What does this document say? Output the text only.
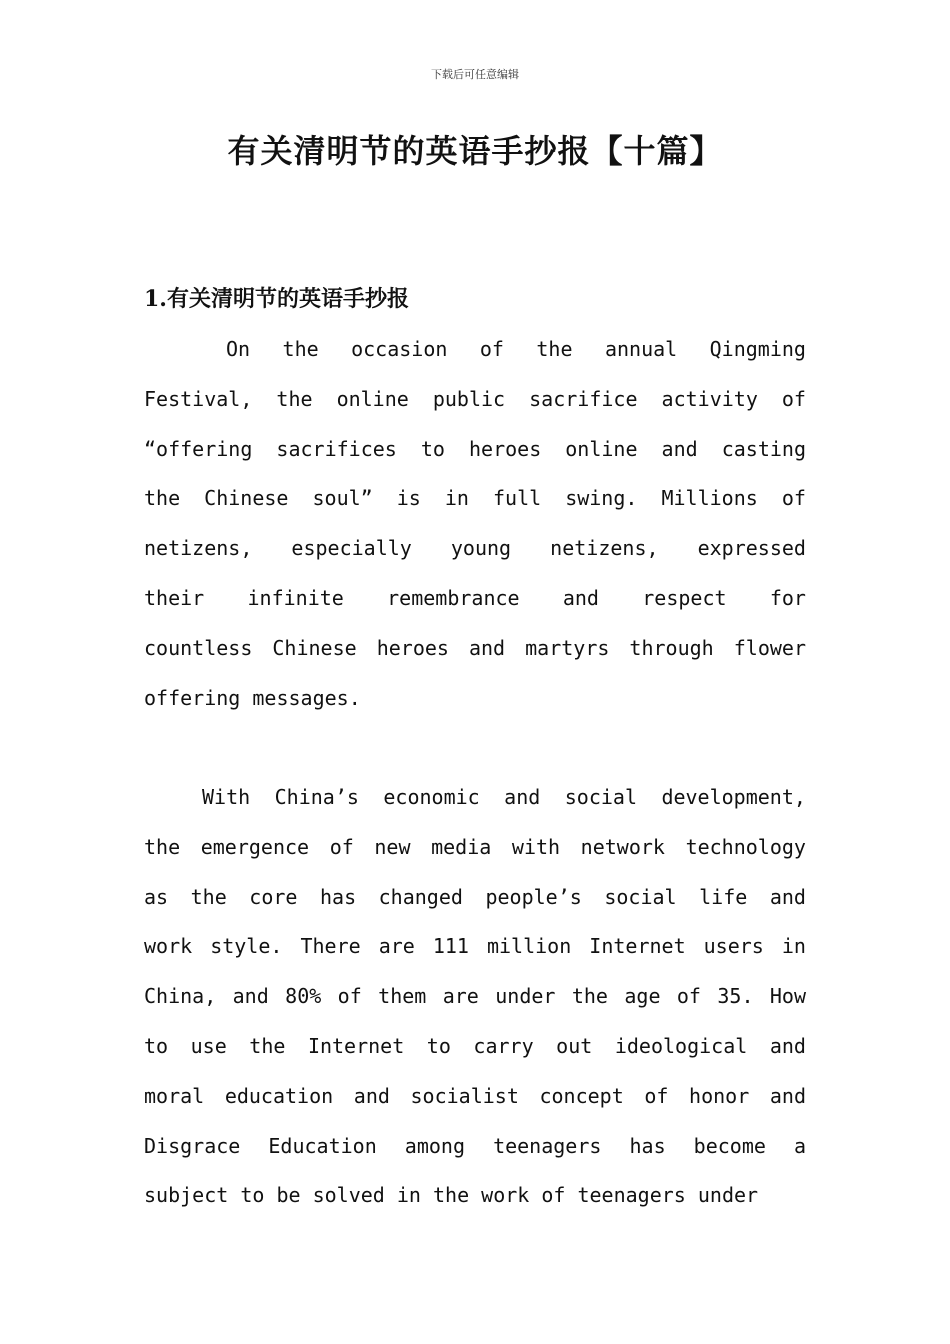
下载后可任意编辑
有关清明节的英语手抄报【十篇】
1.有关清明节的英语手抄报
On the occasion of the annual Qingming
Festival, the online public sacrifice activity of
“offering sacrifices to heroes online and casting
the Chinese soul” is in full swing. Millions of
netizens, especially young netizens, expressed
their infinite remembrance and respect for
countless Chinese heroes and martyrs through flower
offering messages.
With China’s economic and social development,
the emergence of new media with network technology
as the core has changed people’s social life and
work style. There are 111 million Internet users in
China, and 80% of them are under the age of 35. How
to use the Internet to carry out ideological and
moral education and socialist concept of honor and
Disgrace Education among teenagers has become a
subject to be solved in the work of teenagers under
